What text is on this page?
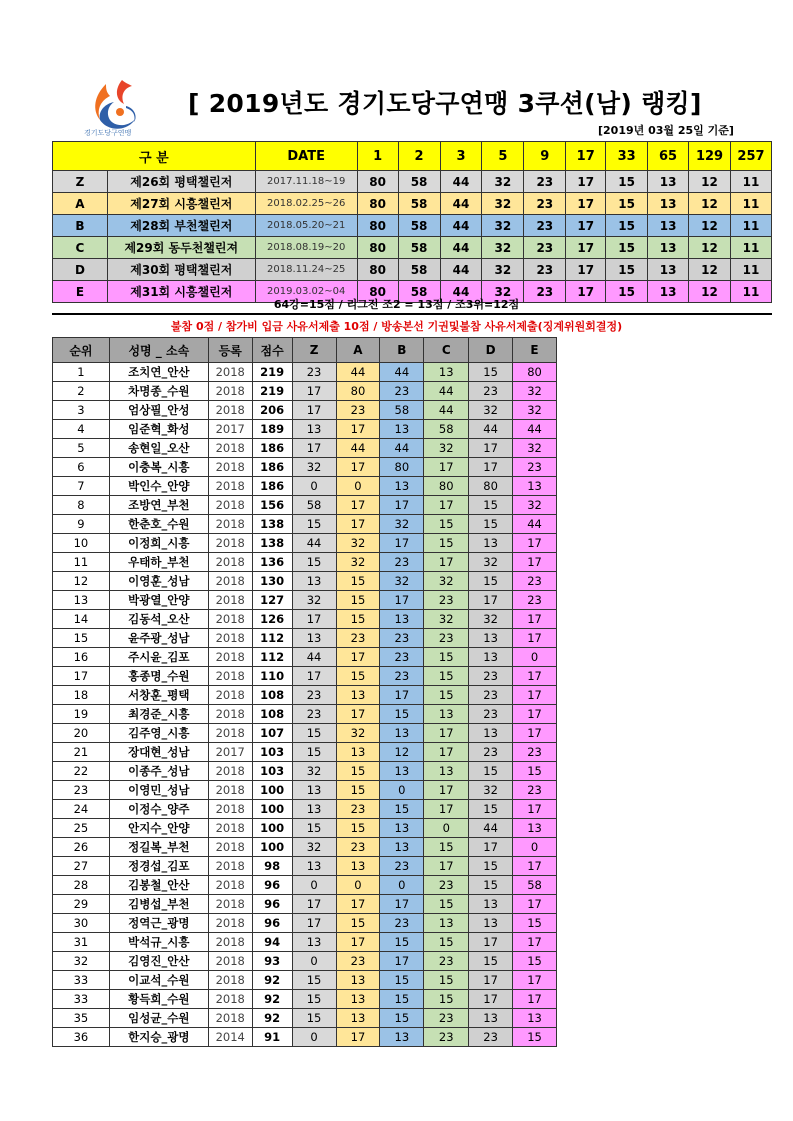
경기도당구연맹
[ 2019년도 경기도당구연맹 3쿠션(남) 랭킹]
[2019년 03월 25일 기준]
구 분		DATE	1	2	3	5	9	17	33	65	129	257
Z	제26회 평택챌린저	2017.11.18~19	80	58	44	32	23	17	15	13	12	11
A	제27회 시흥챌린저	2018.02.25~26	80	58	44	32	23	17	15	13	12	11
B	제28회 부천챌린저	2018.05.20~21	80	58	44	32	23	17	15	13	12	11
C	제29회 동두천챌린져	2018.08.19~20	80	58	44	32	23	17	15	13	12	11
D	제30회 평택챌린저	2018.11.24~25	80	58	44	32	23	17	15	13	12	11
E	제31회 시흥챌린저	2019.03.02~04	80	58	44	32	23	17	15	13	12	11
64강=15점 / 리그전 조2 = 13점 / 조3위=12점
불참 0점 / 참가비 입금 사유서제출 10점 / 방송본선 기권및불참 사유서제출(징계위원회결정)
순위	성명 _ 소속	등록	점수	Z	A	B	C	D	E
1	조치연_안산	2018	219	23	44	44	13	15	80
2	차명종_수원	2018	219	17	80	23	44	23	32
3	엄상필_안성	2018	206	17	23	58	44	32	32
4	임준혁_화성	2017	189	13	17	13	58	44	44
5	송현일_오산	2018	186	17	44	44	32	17	32
6	이충복_시흥	2018	186	32	17	80	17	17	23
7	박인수_안양	2018	186	0	0	13	80	80	13
8	조방연_부천	2018	156	58	17	17	17	15	32
9	한춘호_수원	2018	138	15	17	32	15	15	44
10	이정희_시흥	2018	138	44	32	17	15	13	17
11	우태하_부천	2018	136	15	32	23	17	32	17
12	이영훈_성남	2018	130	13	15	32	32	15	23
13	박광열_안양	2018	127	32	15	17	23	17	23
14	김동석_오산	2018	126	17	15	13	32	32	17
15	윤주광_성남	2018	112	13	23	23	23	13	17
16	주시윤_김포	2018	112	44	17	23	15	13	0
17	홍종명_수원	2018	110	17	15	23	15	23	17
18	서창훈_평택	2018	108	23	13	17	15	23	17
19	최경준_시흥	2018	108	23	17	15	13	23	17
20	김주영_시흥	2018	107	15	32	13	17	13	17
21	장대현_성남	2017	103	15	13	12	17	23	23
22	이종주_성남	2018	103	32	15	13	13	15	15
23	이영민_성남	2018	100	13	15	0	17	32	23
24	이정수_양주	2018	100	13	23	15	17	15	17
25	안지수_안양	2018	100	15	15	13	0	44	13
26	정길복_부천	2018	100	32	23	13	15	17	0
27	정경섭_김포	2018	98	13	13	23	17	15	17
28	김봉철_안산	2018	96	0	0	0	23	15	58
29	김병섭_부천	2018	96	17	17	17	15	13	17
30	정역근_광명	2018	96	17	15	23	13	13	15
31	박석규_시흥	2018	94	13	17	15	15	17	17
32	김영진_안산	2018	93	0	23	17	23	15	15
33	이교석_수원	2018	92	15	13	15	15	17	17
33	황득희_수원	2018	92	15	13	15	15	17	17
35	임성균_수원	2018	92	15	13	15	23	13	13
36	한지승_광명	2014	91	0	17	13	23	23	15
